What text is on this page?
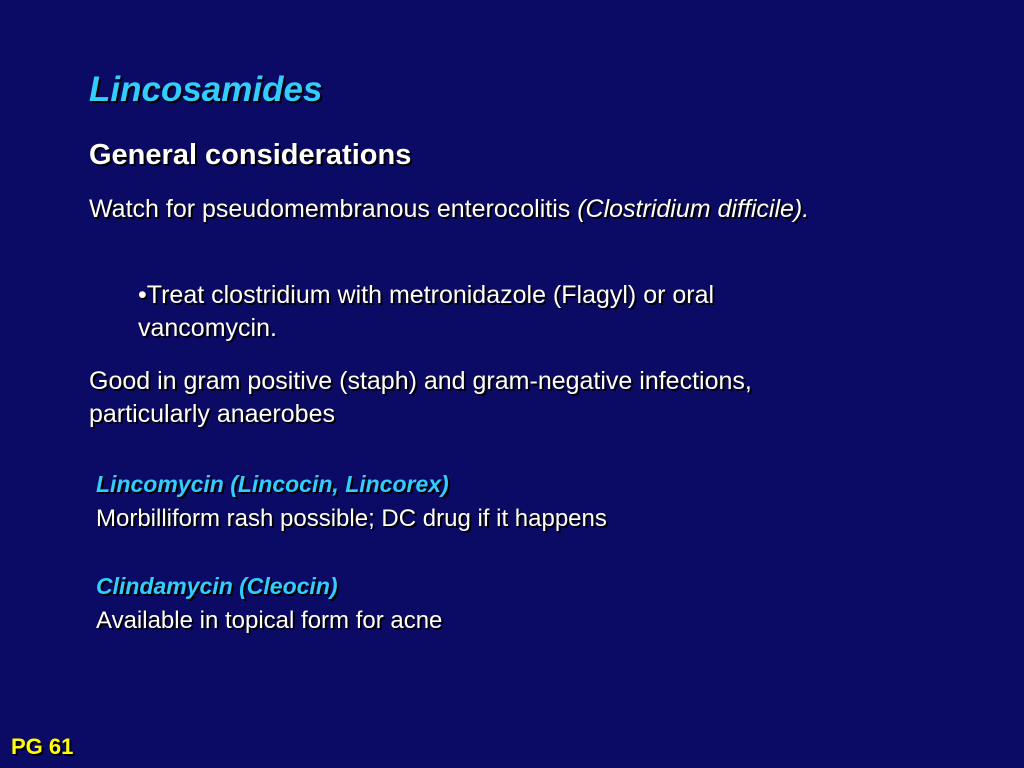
Lincosamides
General considerations

Watch for pseudomembranous enterocolitis (Clostridium difficile).

•Treat clostridium with metronidazole (Flagyl) or oral vancomycin.

Good in gram positive (staph) and gram-negative infections, particularly anaerobes

Lincomycin (Lincocin, Lincorex)

Morbilliform rash possible; DC drug if it happens

Clindamycin (Cleocin)

Available in topical form for acne

PG 61
